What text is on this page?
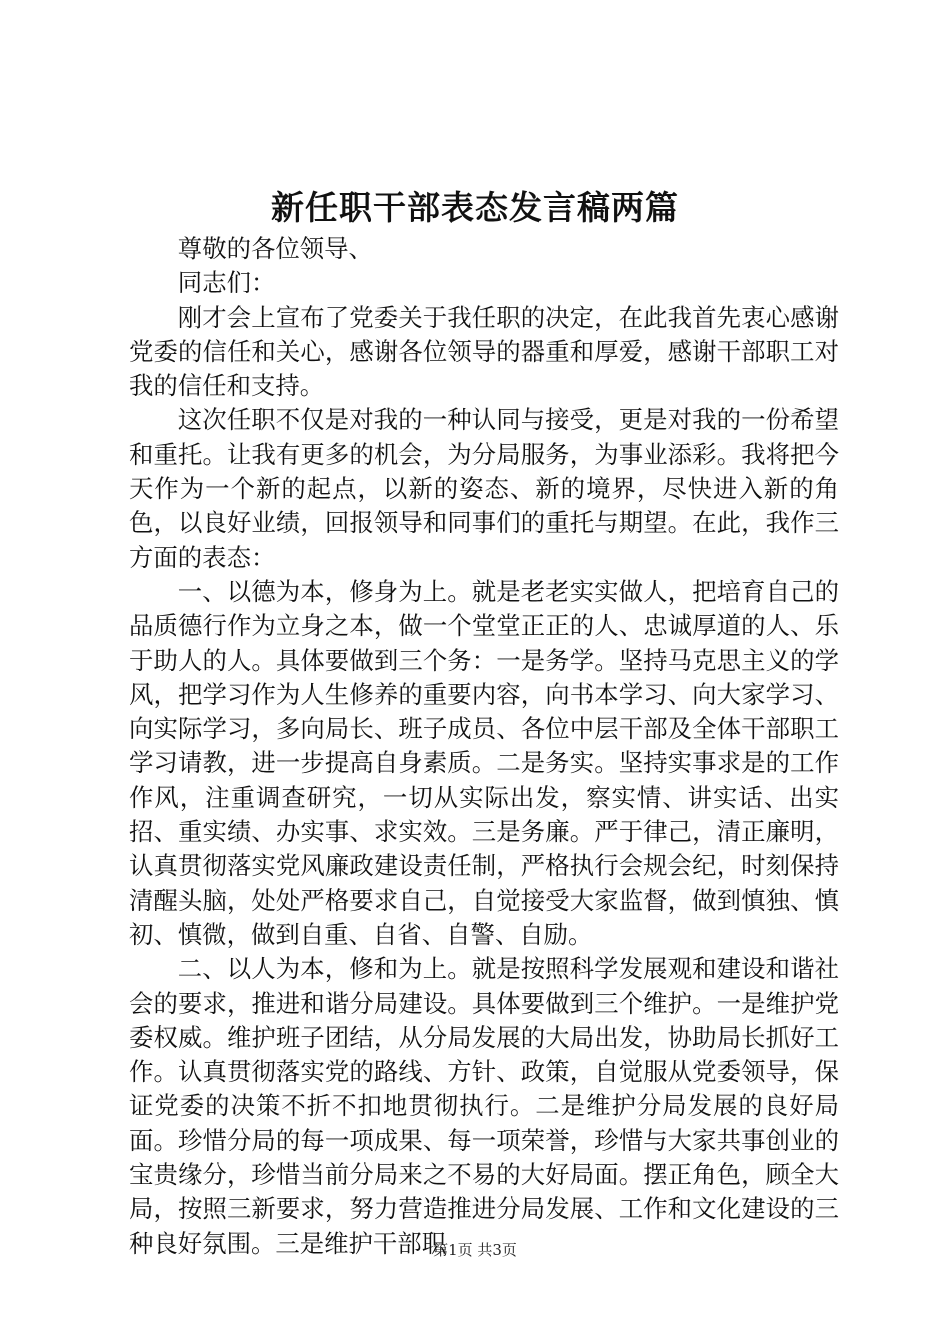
新任职干部表态发言稿两篇

尊敬的各位领导、

同志们：

刚才会上宣布了党委关于我任职的决定，在此我首先衷心感谢党委的信任和关心，感谢各位领导的器重和厚爱，感谢干部职工对我的信任和支持。

这次任职不仅是对我的一种认同与接受，更是对我的一份希望和重托。让我有更多的机会，为分局服务，为事业添彩。我将把今天作为一个新的起点，以新的姿态、新的境界，尽快进入新的角色，以良好业绩，回报领导和同事们的重托与期望。在此，我作三方面的表态：

一、以德为本，修身为上。就是老老实实做人，把培育自己的品质德行作为立身之本，做一个堂堂正正的人、忠诚厚道的人、乐于助人的人。具体要做到三个务：一是务学。坚持马克思主义的学风，把学习作为人生修养的重要内容，向书本学习、向大家学习、向实际学习，多向局长、班子成员、各位中层干部及全体干部职工学习请教，进一步提高自身素质。二是务实。坚持实事求是的工作作风，注重调查研究，一切从实际出发，察实情、讲实话、出实招、重实绩、办实事、求实效。三是务廉。严于律己，清正廉明，认真贯彻落实党风廉政建设责任制，严格执行会规会纪，时刻保持清醒头脑，处处严格要求自己，自觉接受大家监督，做到慎独、慎初、慎微，做到自重、自省、自警、自励。

二、以人为本，修和为上。就是按照科学发展观和建设和谐社会的要求，推进和谐分局建设。具体要做到三个维护。一是维护党委权威。维护班子团结，从分局发展的大局出发，协助局长抓好工作。认真贯彻落实党的路线、方针、政策，自觉服从党委领导，保证党委的决策不折不扣地贯彻执行。二是维护分局发展的良好局面。珍惜分局的每一项成果、每一项荣誉，珍惜与大家共事创业的宝贵缘分，珍惜当前分局来之不易的大好局面。摆正角色，顾全大局，按照三新要求，努力营造推进分局发展、工作和文化建设的三种良好氛围。三是维护干部职

第1页 共3页
